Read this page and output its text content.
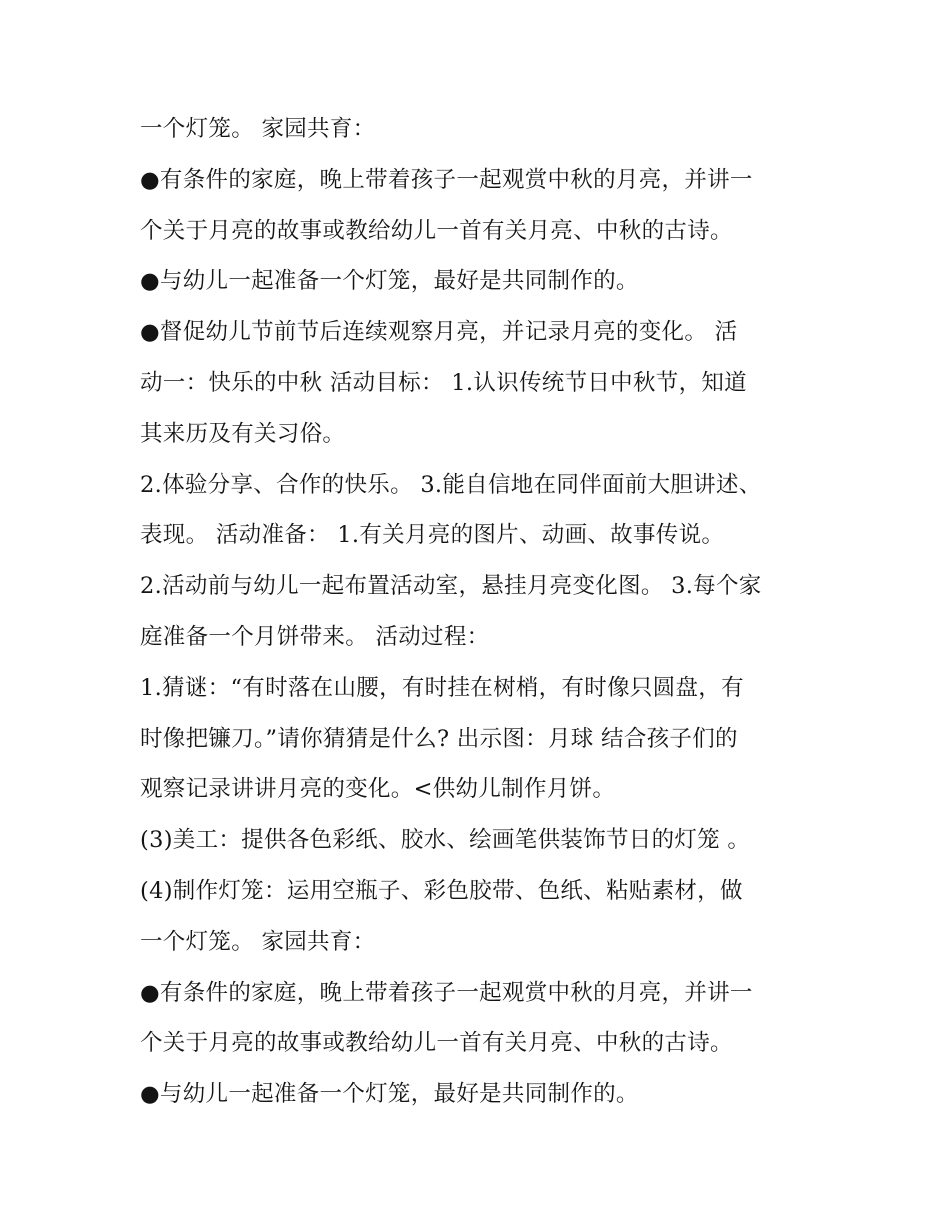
一个灯笼。 家园共育：
●有条件的家庭，晚上带着孩子一起观赏中秋的月亮，并讲一
个关于月亮的故事或教给幼儿一首有关月亮、中秋的古诗。
●与幼儿一起准备一个灯笼，最好是共同制作的。
●督促幼儿节前节后连续观察月亮，并记录月亮的变化。 活
动一：快乐的中秋 活动目标： 1.认识传统节日中秋节，知道
其来历及有关习俗。
2.体验分享、合作的快乐。 3.能自信地在同伴面前大胆讲述、
表现。 活动准备： 1.有关月亮的图片、动画、故事传说。
2.活动前与幼儿一起布置活动室，悬挂月亮变化图。 3.每个家
庭准备一个月饼带来。 活动过程：
1.猜谜：“有时落在山腰，有时挂在树梢，有时像只圆盘，有
时像把镰刀。”请你猜猜是什么? 出示图：月球 结合孩子们的
观察记录讲讲月亮的变化。<供幼儿制作月饼。
(3)美工：提供各色彩纸、胶水、绘画笔供装饰节日的灯笼 。
(4)制作灯笼：运用空瓶子、彩色胶带、色纸、粘贴素材，做
一个灯笼。 家园共育：
●有条件的家庭，晚上带着孩子一起观赏中秋的月亮，并讲一
个关于月亮的故事或教给幼儿一首有关月亮、中秋的古诗。
●与幼儿一起准备一个灯笼，最好是共同制作的。
